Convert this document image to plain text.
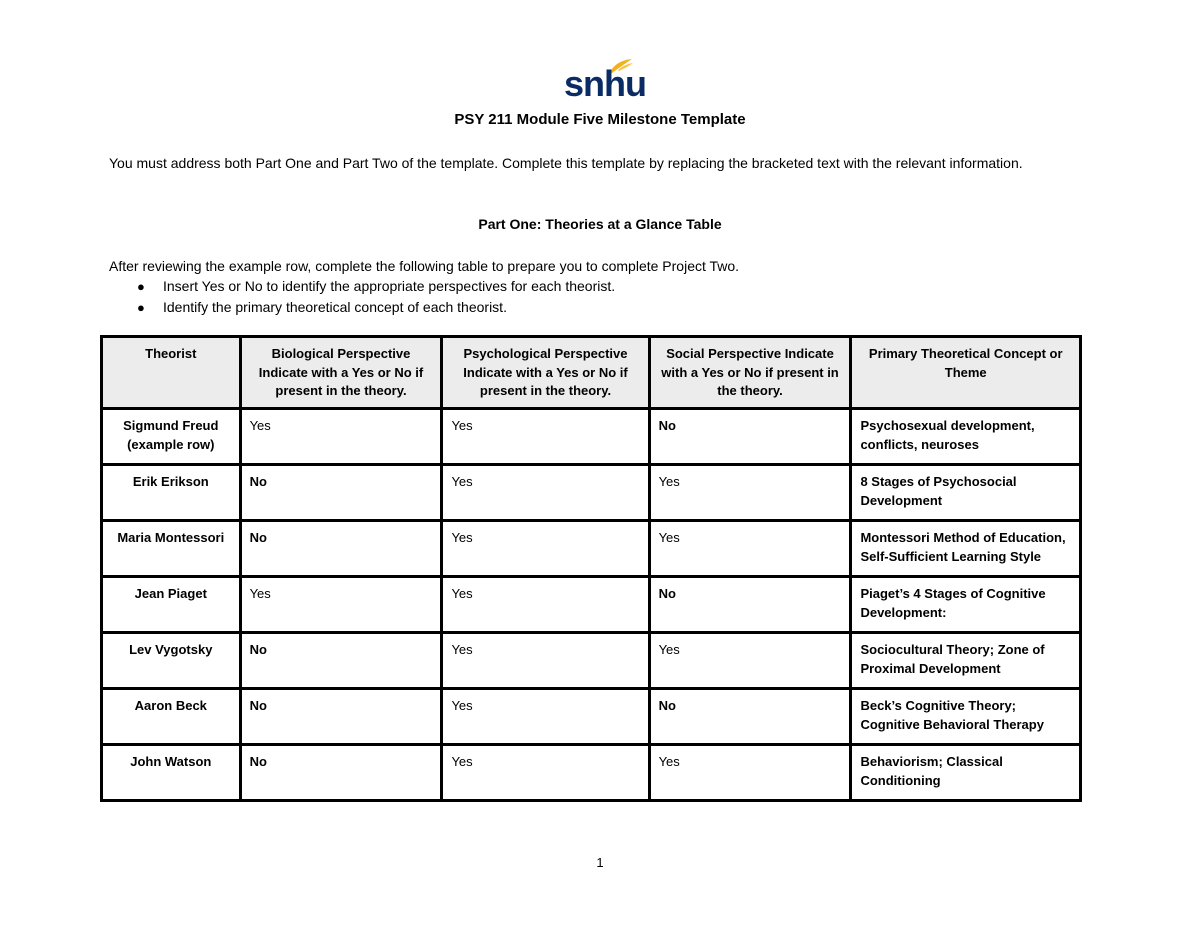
snhu
PSY 211 Module Five Milestone Template
You must address both Part One and Part Two of the template. Complete this template by replacing the bracketed text with the relevant information.
Part One: Theories at a Glance Table
After reviewing the example row, complete the following table to prepare you to complete Project Two.
● Insert Yes or No to identify the appropriate perspectives for each theorist.
● Identify the primary theoretical concept of each theorist.
Theorist	Biological Perspective Indicate with a Yes or No if present in the theory.	Psychological Perspective Indicate with a Yes or No if present in the theory.	Social Perspective Indicate with a Yes or No if present in the theory.	Primary Theoretical Concept or Theme
Sigmund Freud (example row)	Yes	Yes	No	Psychosexual development, conflicts, neuroses
Erik Erikson	No	Yes	Yes	8 Stages of Psychosocial Development
Maria Montessori	No	Yes	Yes	Montessori Method of Education, Self-Sufficient Learning Style
Jean Piaget	Yes	Yes	No	Piaget’s 4 Stages of Cognitive Development:
Lev Vygotsky	No	Yes	Yes	Sociocultural Theory; Zone of Proximal Development
Aaron Beck	No	Yes	No	Beck’s Cognitive Theory; Cognitive Behavioral Therapy
John Watson	No	Yes	Yes	Behaviorism; Classical Conditioning
1
